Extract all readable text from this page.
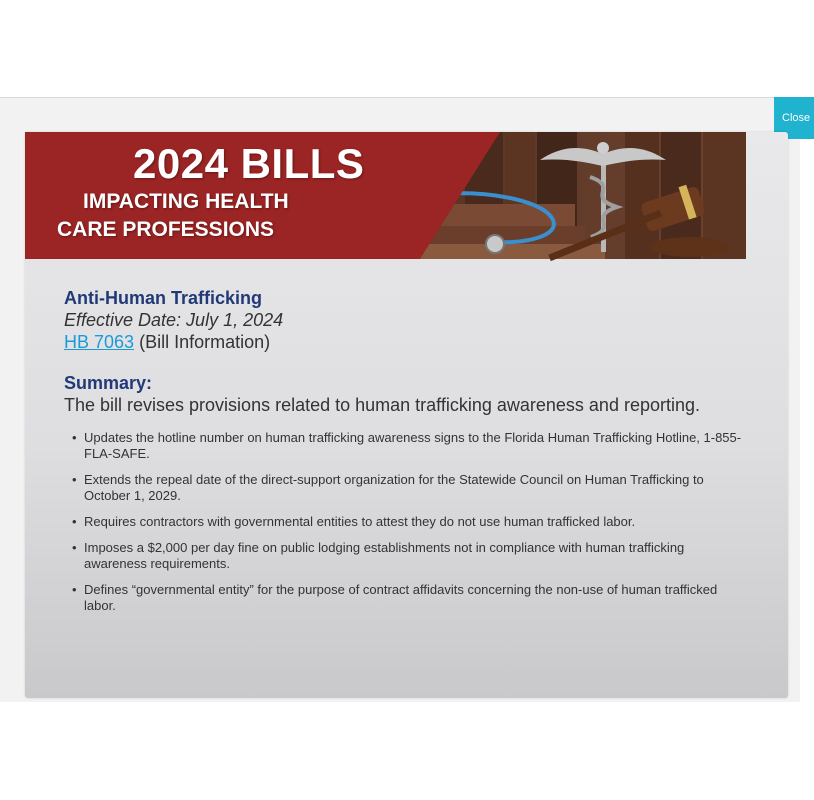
Close
2024 BILLS
IMPACTING HEALTH
CARE PROFESSIONS
Anti-Human Trafficking
Effective Date: July 1, 2024
HB 7063 (Bill Information)
Summary:
The bill revises provisions related to human trafficking awareness and reporting.
• Updates the hotline number on human trafficking awareness signs to the Florida Human Trafficking Hotline, 1-855-FLA-SAFE.
• Extends the repeal date of the direct-support organization for the Statewide Council on Human Trafficking to October 1, 2029.
• Requires contractors with governmental entities to attest they do not use human trafficked labor.
• Imposes a $2,000 per day fine on public lodging establishments not in compliance with human trafficking awareness requirements.
• Defines “governmental entity” for the purpose of contract affidavits concerning the non-use of human trafficked labor.
